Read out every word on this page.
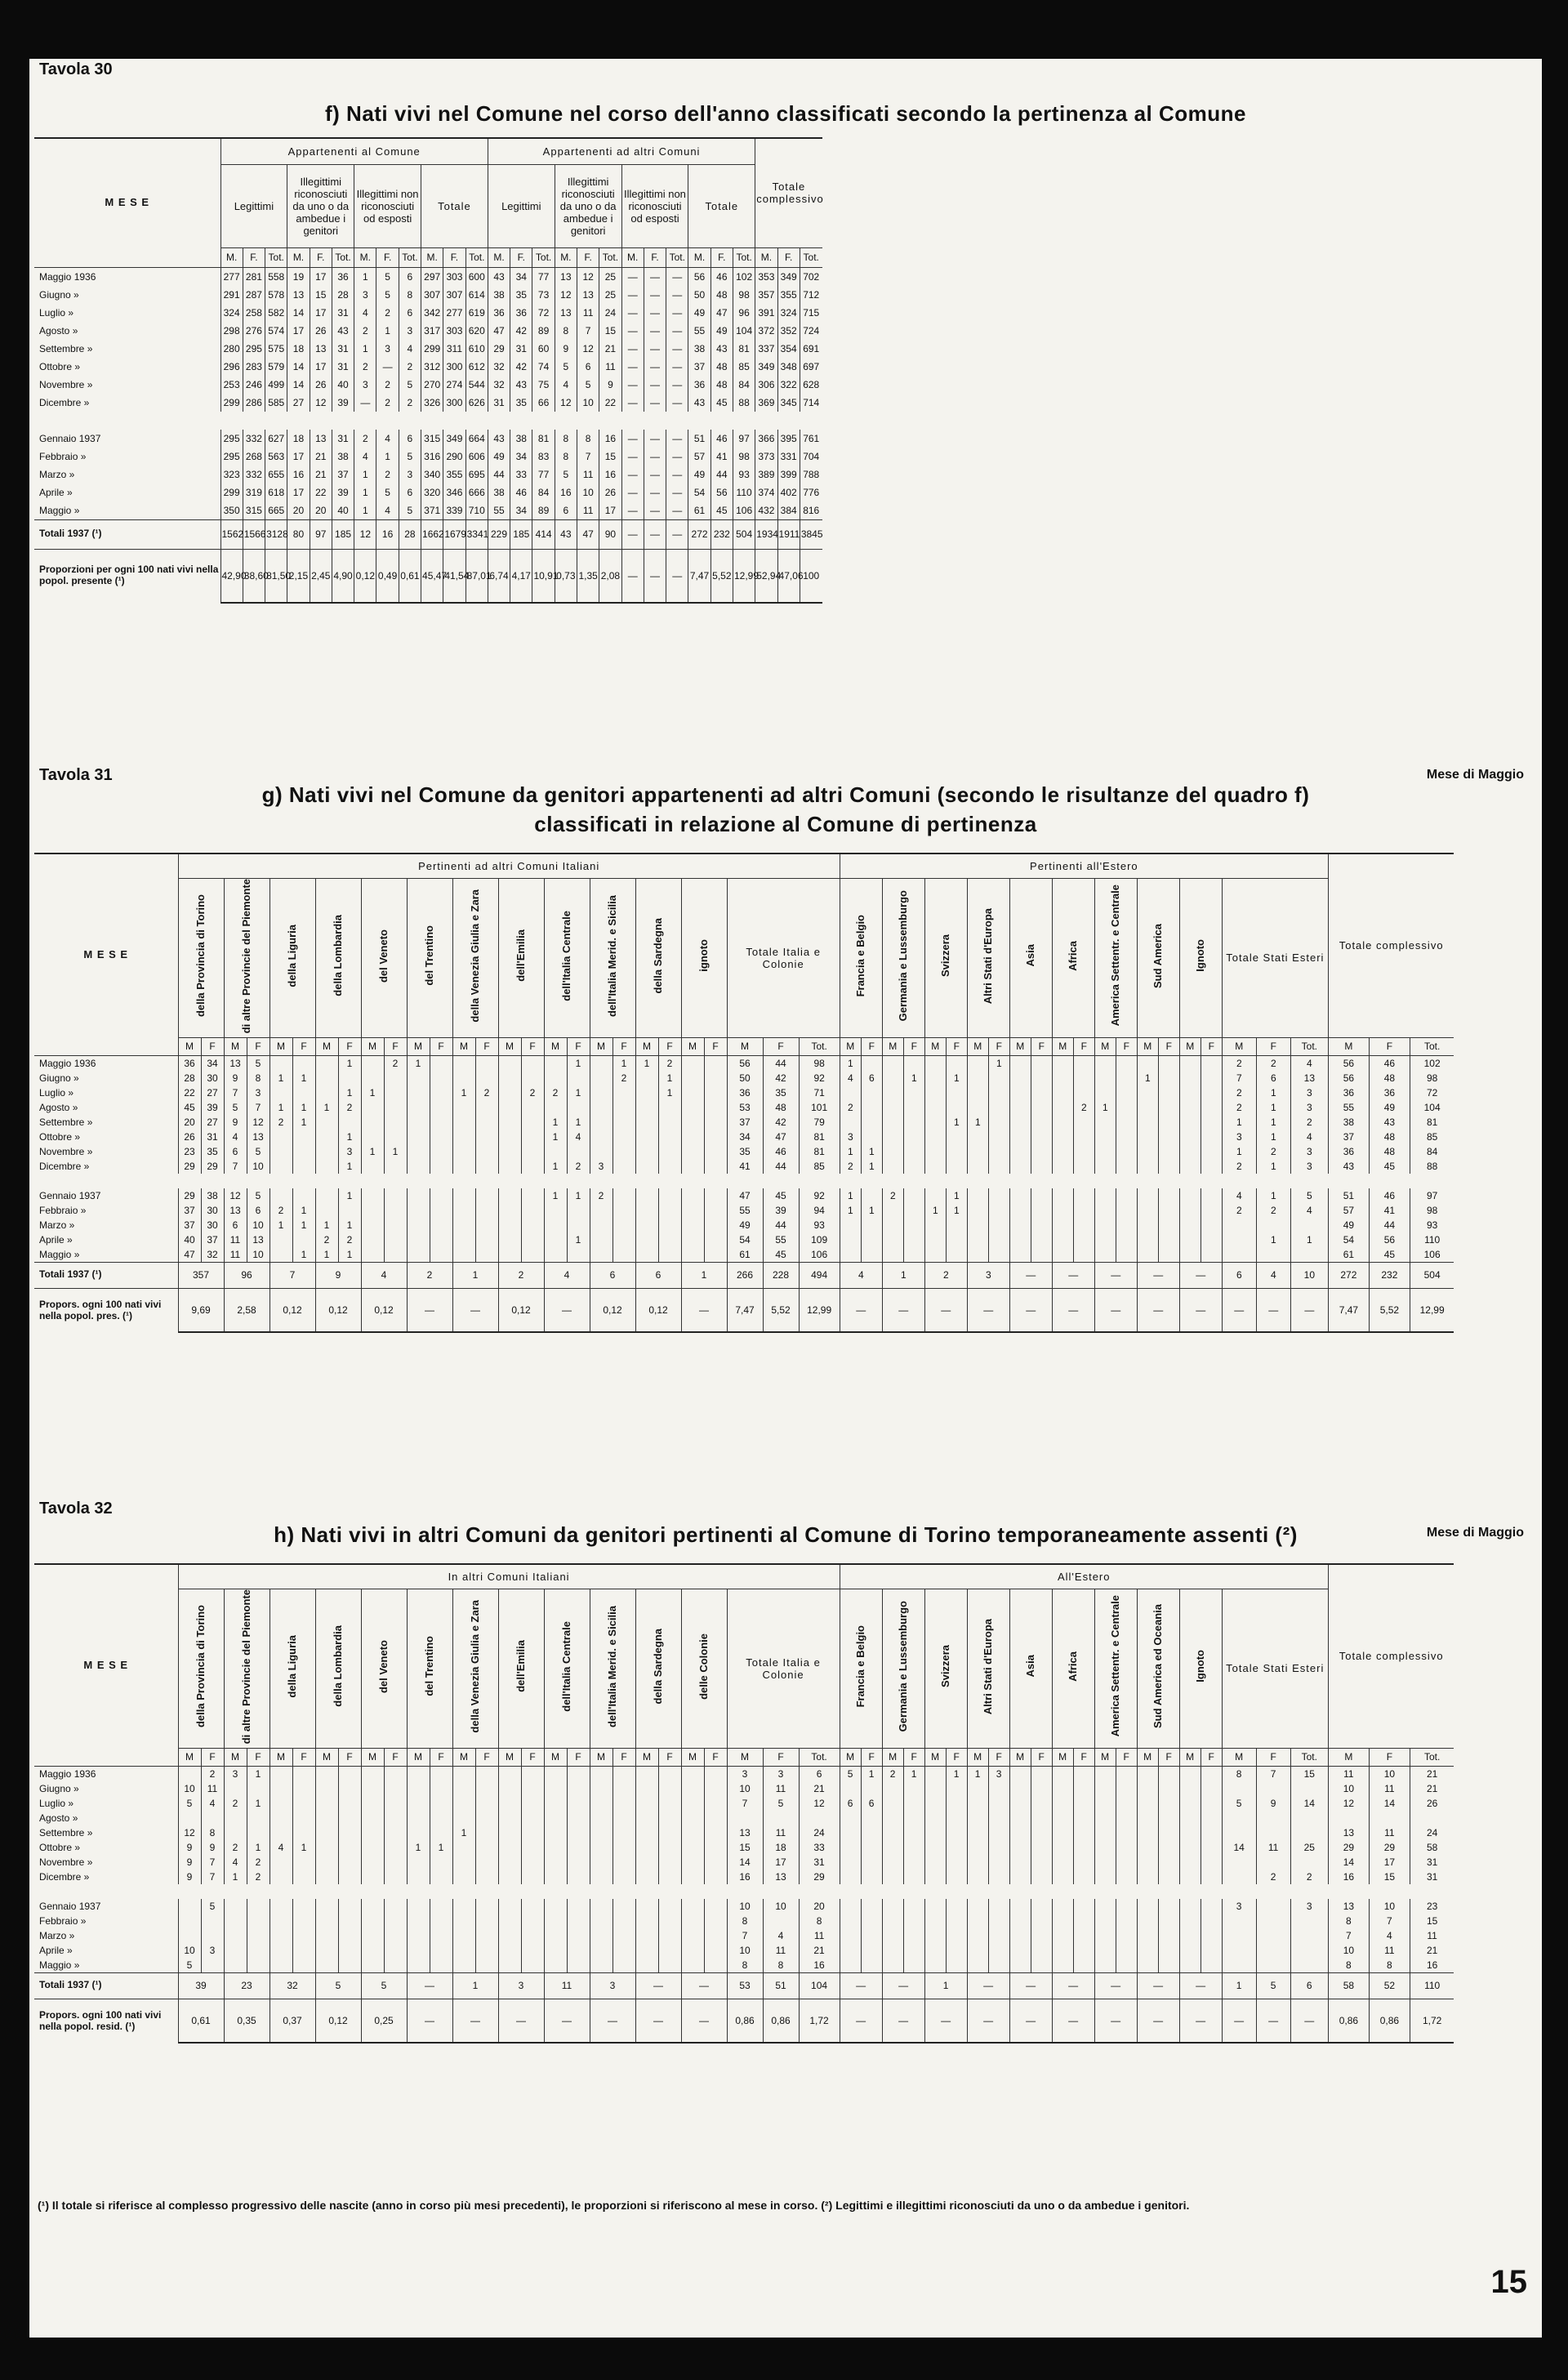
Tavola 30
f) Nati vivi nel Comune nel corso dell'anno classificati secondo la pertinenza al Comune
M E S E	Appartenenti al Comune												Appartenenti ad altri Comuni												Totale complessivo		
	Legittimi			Illegittimi riconosciuti da uno o da ambedue i genitori			Illegittimi non riconosciuti od esposti			Totale			Legittimi			Illegittimi riconosciuti da uno o da ambedue i genitori			Illegittimi non riconosciuti od esposti			Totale					
	M.	F.	Tot.	M.	F.	Tot.	M.	F.	Tot.	M.	F.	Tot.	M.	F.	Tot.	M.	F.	Tot.	M.	F.	Tot.	M.	F.	Tot.	M.	F.	Tot.
Maggio 1936	277	281	558	19	17	36	1	5	6	297	303	600	43	34	77	13	12	25	—	—	—	56	46	102	353	349	702
Giugno »	291	287	578	13	15	28	3	5	8	307	307	614	38	35	73	12	13	25	—	—	—	50	48	98	357	355	712
Luglio »	324	258	582	14	17	31	4	2	6	342	277	619	36	36	72	13	11	24	—	—	—	49	47	96	391	324	715
Agosto »	298	276	574	17	26	43	2	1	3	317	303	620	47	42	89	8	7	15	—	—	—	55	49	104	372	352	724
Settembre »	280	295	575	18	13	31	1	3	4	299	311	610	29	31	60	9	12	21	—	—	—	38	43	81	337	354	691
Ottobre »	296	283	579	14	17	31	2	—	2	312	300	612	32	42	74	5	6	11	—	—	—	37	48	85	349	348	697
Novembre »	253	246	499	14	26	40	3	2	5	270	274	544	32	43	75	4	5	9	—	—	—	36	48	84	306	322	628
Dicembre »	299	286	585	27	12	39	—	2	2	326	300	626	31	35	66	12	10	22	—	—	—	43	45	88	369	345	714

Gennaio 1937	295	332	627	18	13	31	2	4	6	315	349	664	43	38	81	8	8	16	—	—	—	51	46	97	366	395	761
Febbraio »	295	268	563	17	21	38	4	1	5	316	290	606	49	34	83	8	7	15	—	—	—	57	41	98	373	331	704
Marzo »	323	332	655	16	21	37	1	2	3	340	355	695	44	33	77	5	11	16	—	—	—	49	44	93	389	399	788
Aprile »	299	319	618	17	22	39	1	5	6	320	346	666	38	46	84	16	10	26	—	—	—	54	56	110	374	402	776
Maggio »	350	315	665	20	20	40	1	4	5	371	339	710	55	34	89	6	11	17	—	—	—	61	45	106	432	384	816
Totali 1937 (¹)	1562	1566	3128	80	97	185	12	16	28	1662	1679	3341	229	185	414	43	47	90	—	—	—	272	232	504	1934	1911	3845
Proporzioni per ogni 100 nati vivi nella popol. presente (¹)	42,90	38,60	81,50	2,15	2,45	4,90	0,12	0,49	0,61	45,47	41,54	87,01	6,74	4,17	10,91	0,73	1,35	2,08	—	—	—	7,47	5,52	12,99	52,94	47,06	100
Tavola 31	Mese di Maggio
g) Nati vivi nel Comune da genitori appartenenti ad altri Comuni (secondo le risultanze del quadro f)
classificati in relazione al Comune di pertinenza
M E S E	Pertinenti ad altri Comuni Italiani																											Pertinenti all'Estero																					Totale complessivo		
	della Provincia di Torino		di altre Provincie del Piemonte		della Liguria		della Lombardia		del Veneto		del Trentino		della Venezia Giulia e Zara		dell'Emilia		dell'Italia Centrale		dell'Italia Merid. e Sicilia		della Sardegna		ignoto		Totale Italia e Colonie			Francia e Belgio		Germania e Lussemburgo		Svizzera		Altri Stati d'Europa		Asia		Africa		America Settentr. e Centrale		Sud America		Ignoto		Totale Stati Esteri					
	M	F	M	F	M	F	M	F	M	F	M	F	M	F	M	F	M	F	M	F	M	F	M	F	M	F	Tot.	M	F	M	F	M	F	M	F	M	F	M	F	M	F	M	F	M	F	M	F	Tot.	M	F	Tot.
Maggio 1936	36	34	13	5				1		2	1							1		1	1	2			56	44	98	1							1											2	2	4	56	46	102
Giugno »	28	30	9	8	1	1														2		1			50	42	92	4	6		1		1									1				7	6	13	56	48	98
Luglio »	22	27	7	3				1	1				1	2		2	2	1				1			36	35	71																			2	1	3	36	36	72
Agosto »	45	39	5	7	1	1	1	2																	53	48	101	2											2	1						2	1	3	55	49	104
Settembre »	20	27	9	12	2	1											1	1							37	42	79						1	1												1	1	2	38	43	81
Ottobre »	26	31	4	13				1									1	4							34	47	81	3																		3	1	4	37	48	85
Novembre »	23	35	6	5				3	1	1															35	46	81	1	1																	1	2	3	36	48	84
Dicembre »	29	29	7	10				1									1	2	3						41	44	85	2	1																	2	1	3	43	45	88

Gennaio 1937	29	38	12	5				1									1	1	2						47	45	92	1		2			1													4	1	5	51	46	97
Febbraio »	37	30	13	6	2	1																			55	39	94	1	1			1	1													2	2	4	57	41	98
Marzo »	37	30	6	10	1	1	1	1																	49	44	93																						49	44	93
Aprile »	40	37	11	13			2	2										1							54	55	109																				1	1	54	56	110
Maggio »	47	32	11	10		1	1	1																	61	45	106																						61	45	106
Totali 1937 (¹)	357		96		7		9		4		2		1		2		4		6		6		1		266	228	494	4		1		2		3		—		—		—		—		—		6	4	10	272	232	504
Propors. ogni 100 nati vivi nella popol. pres. (¹)	9,69		2,58		0,12		0,12		0,12		—		—		0,12		—		0,12		0,12		—		7,47	5,52	12,99	—		—		—		—		—		—		—		—		—		—	—	—	7,47	5,52	12,99
Tavola 32
Mese di Maggio
h) Nati vivi in altri Comuni da genitori pertinenti al Comune di Torino temporaneamente assenti (²)
M E S E	In altri Comuni Italiani																											All'Estero																					Totale complessivo		
	della Provincia di Torino		di altre Provincie del Piemonte		della Liguria		della Lombardia		del Veneto		del Trentino		della Venezia Giulia e Zara		dell'Emilia		dell'Italia Centrale		dell'Italia Merid. e Sicilia		della Sardegna		delle Colonie		Totale Italia e Colonie			Francia e Belgio		Germania e Lussemburgo		Svizzera		Altri Stati d'Europa		Asia		Africa		America Settentr. e Centrale		Sud America ed Oceania		Ignoto		Totale Stati Esteri					
	M	F	M	F	M	F	M	F	M	F	M	F	M	F	M	F	M	F	M	F	M	F	M	F	M	F	Tot.	M	F	M	F	M	F	M	F	M	F	M	F	M	F	M	F	M	F	M	F	Tot.	M	F	Tot.
Maggio 1936		2	3	1																					3	3	6	5	1	2	1		1	1	3											8	7	15	11	10	21
Giugno »	10	11																							10	11	21																						10	11	21
Luglio »	5	4	2	1																					7	5	12	6	6																	5	9	14	12	14	26
Agosto »																																																			
Settembre »	12	8											1												13	11	24																						13	11	24
Ottobre »	9	9	2	1	4	1					1	1													15	18	33																			14	11	25	29	29	58
Novembre »	9	7	4	2																					14	17	31																						14	17	31
Dicembre »	9	7	1	2																					16	13	29																				2	2	16	15	31

Gennaio 1937		5																							10	10	20																			3		3	13	10	23
Febbraio »																									8		8																						8	7	15
Marzo »																									7	4	11																						7	4	11
Aprile »	10	3																							10	11	21																						10	11	21
Maggio »	5																								8	8	16																						8	8	16
Totali 1937 (¹)	39		23		32		5		5		—		1		3		11		3		—		—		53	51	104	—		—		1		—		—		—		—		—		—		1	5	6	58	52	110
Propors. ogni 100 nati vivi nella popol. resid. (¹)	0,61		0,35		0,37		0,12		0,25		—		—		—		—		—		—		—		0,86	0,86	1,72	—		—		—		—		—		—		—		—		—		—	—	—	0,86	0,86	1,72
(¹) Il totale si riferisce al complesso progressivo delle nascite (anno in corso più mesi precedenti), le proporzioni si riferiscono al mese in corso. (²) Legittimi e illegittimi riconosciuti da uno o da ambedue i genitori.
15
